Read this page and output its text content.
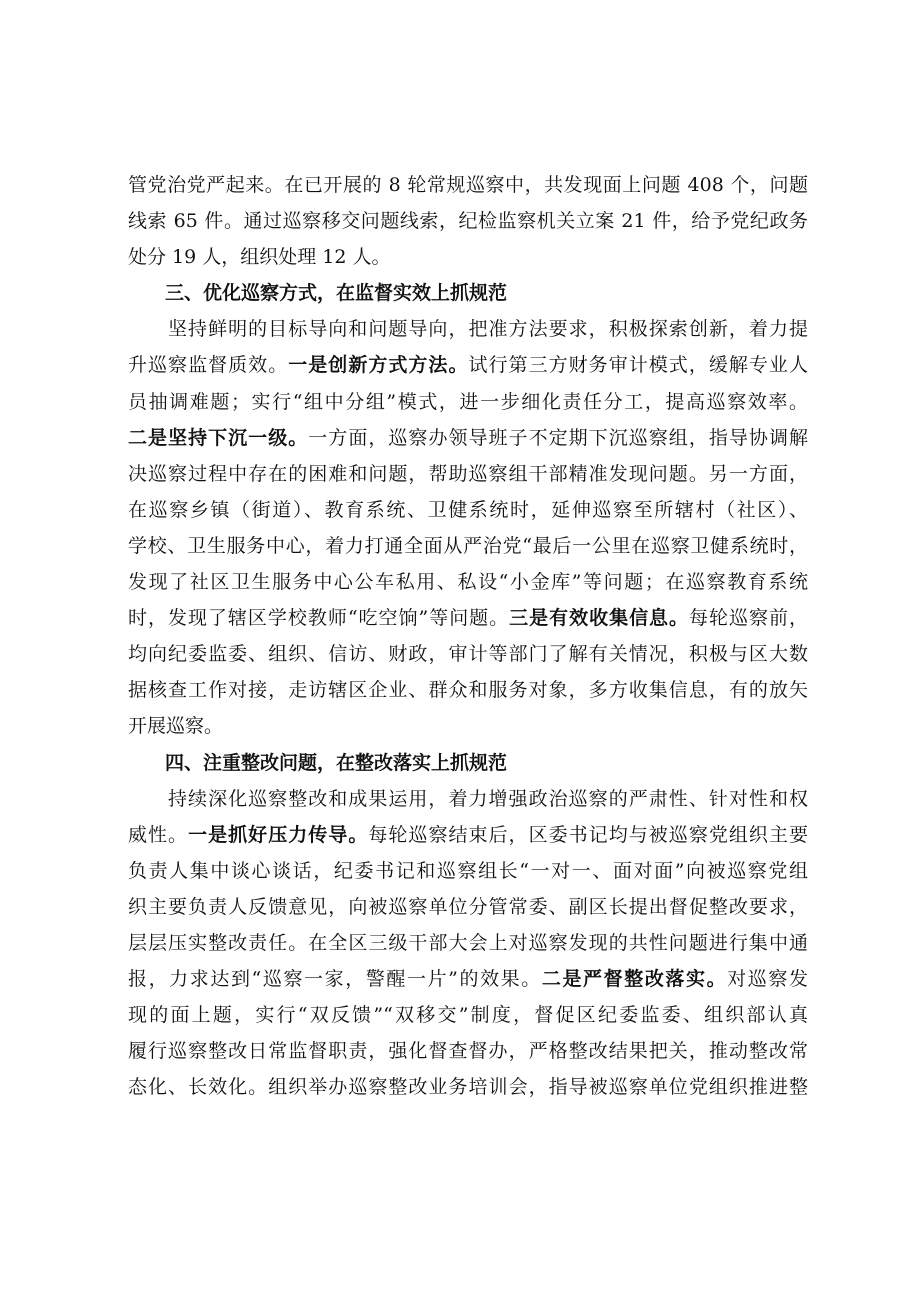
管党治党严起来。在已开展的 8 轮常规巡察中，共发现面上问题 408 个，问题
线索 65 件。通过巡察移交问题线索，纪检监察机关立案 21 件，给予党纪政务
处分 19 人，组织处理 12 人。
三、优化巡察方式，在监督实效上抓规范
坚持鲜明的目标导向和问题导向，把准方法要求，积极探索创新，着力提
升巡察监督质效。一是创新方式方法。试行第三方财务审计模式，缓解专业人
员抽调难题；实行“组中分组”模式，进一步细化责任分工，提高巡察效率。
二是坚持下沉一级。一方面，巡察办领导班子不定期下沉巡察组，指导协调解
决巡察过程中存在的困难和问题，帮助巡察组干部精准发现问题。另一方面，
在巡察乡镇（街道）、教育系统、卫健系统时，延伸巡察至所辖村（社区）、
学校、卫生服务中心，着力打通全面从严治党“最后一公里在巡察卫健系统时，
发现了社区卫生服务中心公车私用、私设“小金库”等问题；在巡察教育系统
时，发现了辖区学校教师“吃空饷”等问题。三是有效收集信息。每轮巡察前，
均向纪委监委、组织、信访、财政，审计等部门了解有关情况，积极与区大数
据核查工作对接，走访辖区企业、群众和服务对象，多方收集信息，有的放矢
开展巡察。
四、注重整改问题，在整改落实上抓规范
持续深化巡察整改和成果运用，着力增强政治巡察的严肃性、针对性和权
威性。一是抓好压力传导。每轮巡察结束后，区委书记均与被巡察党组织主要
负责人集中谈心谈话，纪委书记和巡察组长“一对一、面对面”向被巡察党组
织主要负责人反馈意见，向被巡察单位分管常委、副区长提出督促整改要求，
层层压实整改责任。在全区三级干部大会上对巡察发现的共性问题进行集中通
报，力求达到“巡察一家，警醒一片”的效果。二是严督整改落实。对巡察发
现的面上题，实行“双反馈”“双移交”制度，督促区纪委监委、组织部认真
履行巡察整改日常监督职责，强化督查督办，严格整改结果把关，推动整改常
态化、长效化。组织举办巡察整改业务培训会，指导被巡察单位党组织推进整
